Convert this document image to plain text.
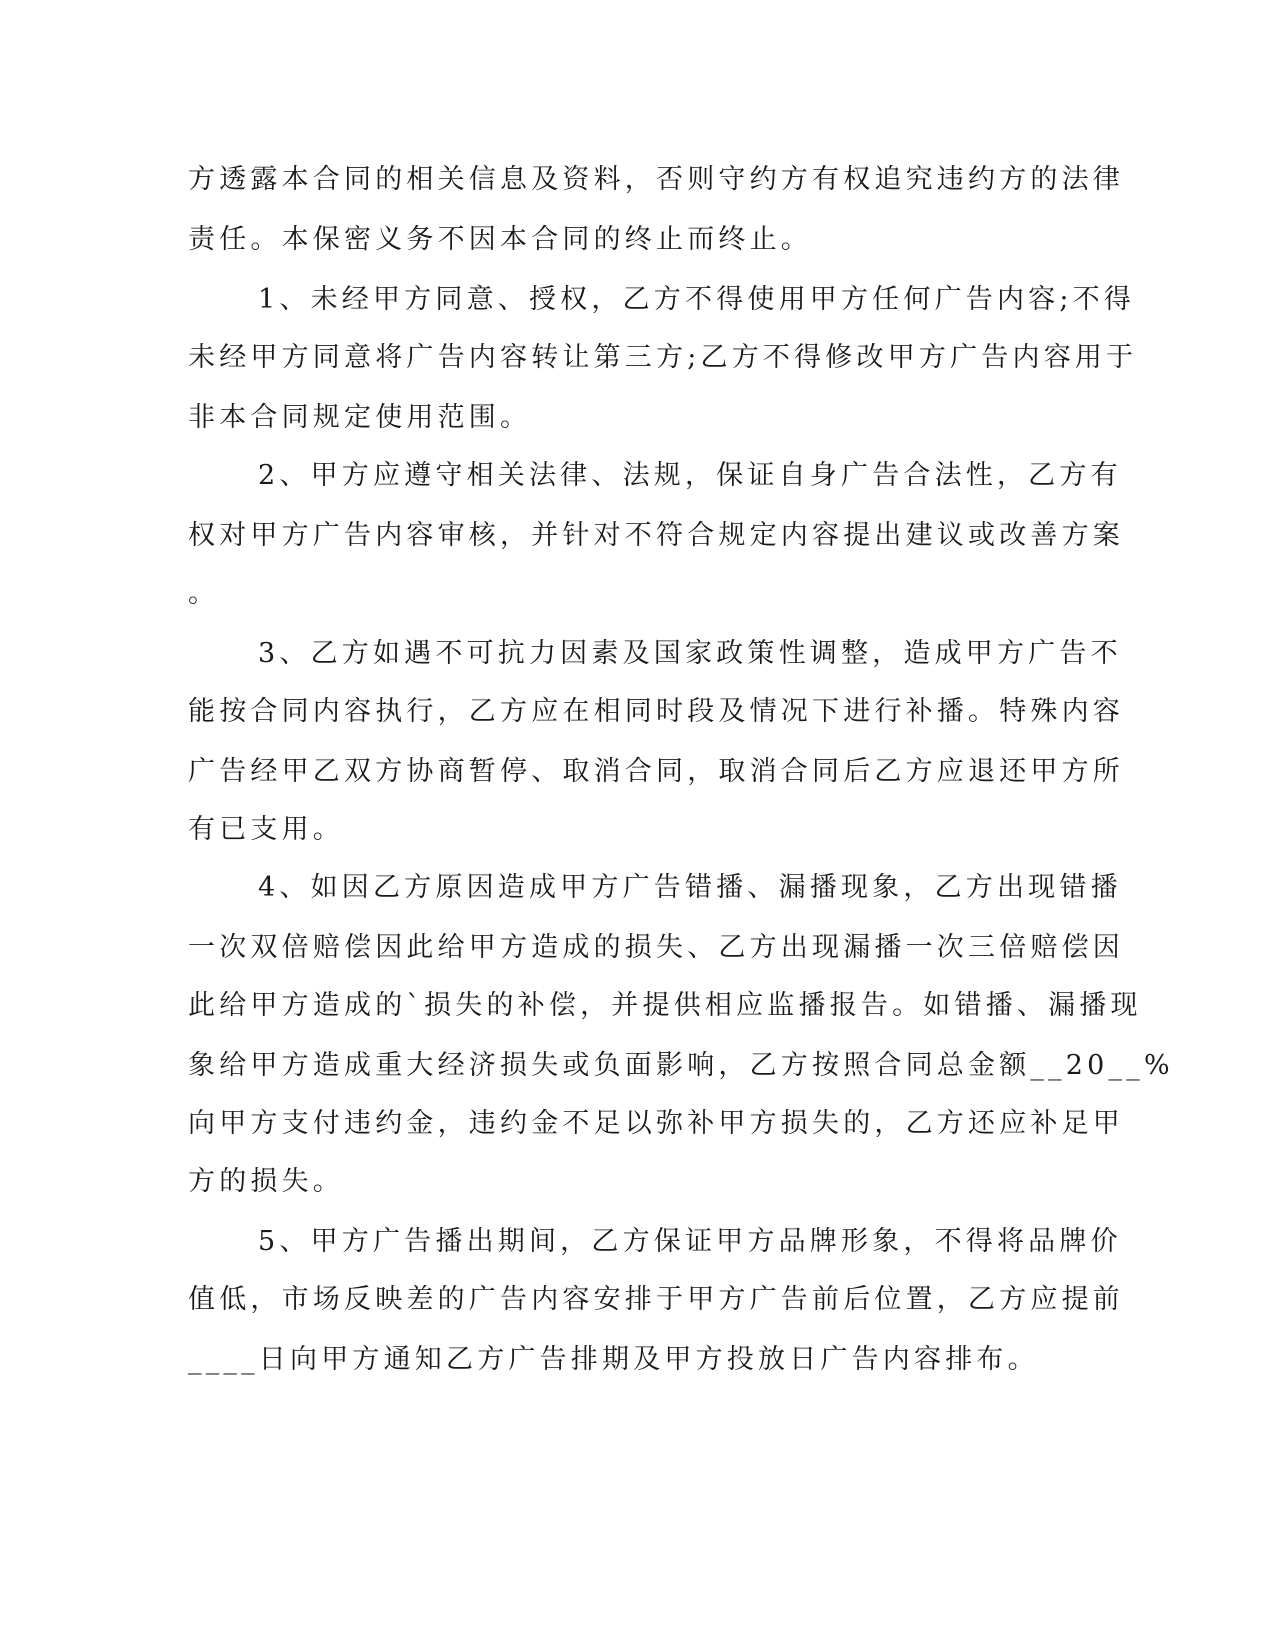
方透露本合同的相关信息及资料，否则守约方有权追究违约方的法律
责任。本保密义务不因本合同的终止而终止。
1、未经甲方同意、授权，乙方不得使用甲方任何广告内容;不得
未经甲方同意将广告内容转让第三方;乙方不得修改甲方广告内容用于
非本合同规定使用范围。
2、甲方应遵守相关法律、法规，保证自身广告合法性，乙方有
权对甲方广告内容审核，并针对不符合规定内容提出建议或改善方案
。
3、乙方如遇不可抗力因素及国家政策性调整，造成甲方广告不
能按合同内容执行，乙方应在相同时段及情况下进行补播。特殊内容
广告经甲乙双方协商暂停、取消合同，取消合同后乙方应退还甲方所
有已支用。
4、如因乙方原因造成甲方广告错播、漏播现象，乙方出现错播
一次双倍赔偿因此给甲方造成的损失、乙方出现漏播一次三倍赔偿因
此给甲方造成的`损失的补偿，并提供相应监播报告。如错播、漏播现
象给甲方造成重大经济损失或负面影响，乙方按照合同总金额__20__%
向甲方支付违约金，违约金不足以弥补甲方损失的，乙方还应补足甲
方的损失。
5、甲方广告播出期间，乙方保证甲方品牌形象，不得将品牌价
值低，市场反映差的广告内容安排于甲方广告前后位置，乙方应提前
____日向甲方通知乙方广告排期及甲方投放日广告内容排布。
